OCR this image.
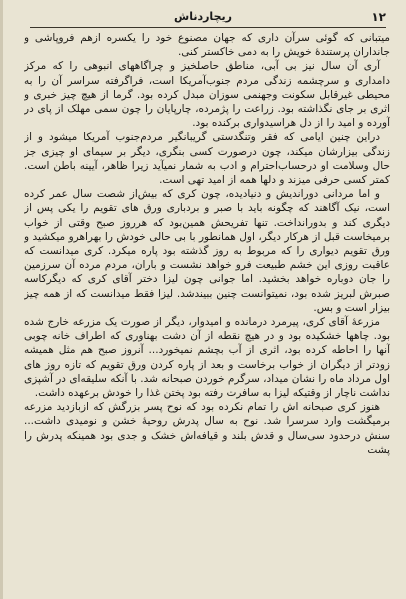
۱۲
ریچاردناش

میتبانی که گوئی سرآن داری که جهان مصنوع خود را یکسره ازهم فروپاشی و جانداران پرستندهٔ خویش را به دمی خاکستر کنی.

آری آن سال نیز بی آبی، مناطق حاصلخیز و چراگاههای انبوهی را که مرکز دامداری و سرچشمه زندگی مردم جنوب‌آمریکا است، فراگرفته سراسر آن را به محیطی غیرقابل سکونت وجهنمی سوزان مبدل کرده بود. گرما از هیچ چیز خبری و اثری بر جای نگذاشته بود. زراعت را پژمرده، چارپایان را چون سمی مهلک از پای در آورده و امید را از دل هراسیدواری برکنده بود.

دراین چنین ایامی که فقر وتنگدستی گریبانگیر مردم‌جنوب آمریکا میشود و از زندگی بیزارشان میکند، چون درصورت کسی بنگری، دیگر بر سیمای او چیزی جز حال وسلامت او درحساب‌احترام و ادب به شمار نمیآید زیرا ظاهر، آیینه باطن است. کمتر کسی حرفی میزند و دلها همه از امید تهی است.

و اما مردانی دوراندیش و دنیادیده، چون کری که بیش‌از شصت سال عمر کرده است، نیک آگاهند که چگونه باید با صبر و بردباری ورق های تقویم را یکی پس از دیگری کند و بدورانداخت. تنها تفریحش همین‌بود که هرروز صبح وقتی از خواب برمیخاست قبل از هرکار دیگر، اول همانطور با بی حالی خودش را بهراهرو میکشید و ورق تقویم دیواری را که مربوط به روز گذشته بود پاره میکرد. کری میدانست که عاقبت روزی این خشم طبیعت فرو خواهد نشست و باران، مردم مرده آن سرزمین را جان دوباره خواهد بخشید. اما جوانی چون لیزا دختر آقای کری که دیگرکاسه صبرش لبریز شده بود، نمیتوانست چنین ببیندشد. لیزا فقط میدانست که از همه چیز بیزار است و بس.

مزرعهٔ آقای کری، پیرمرد درمانده و امیدوار، دیگر از صورت یک مزرعه خارج شده بود. چاهها خشکیده بود و در هیچ نقطه از آن دشت بهناوری که اطراف خانه چوبی آنها را احاطه کرده بود، اثری از آب بچشم نمیخورد... آنروز صبح هم مثل همیشه زودتر از دیگران از خواب برخاست و بعد از پاره کردن ورق تقویم که تازه روز های اول مرداد ماه را نشان میداد، سرگرم خوردن صبحانه شد. با آنکه سلیقه‌ای در آشپزی نداشت ناچار از وقتیکه لیزا به سافرت رفته بود پختن غذا را خودش برعهده داشت.

هنوز کری صبحانه اش را تمام نکرده بود که نوح پسر بزرگش که ازبازدید مزرعه برمیگشت وارد سرسرا شد. نوح به سال پدرش روحیهٔ خشن و نومیدی داشت... سنش درحدود سی‌سال و قدش بلند و قیافه‌اش خشک و جدی بود همینکه پدرش را پشت
